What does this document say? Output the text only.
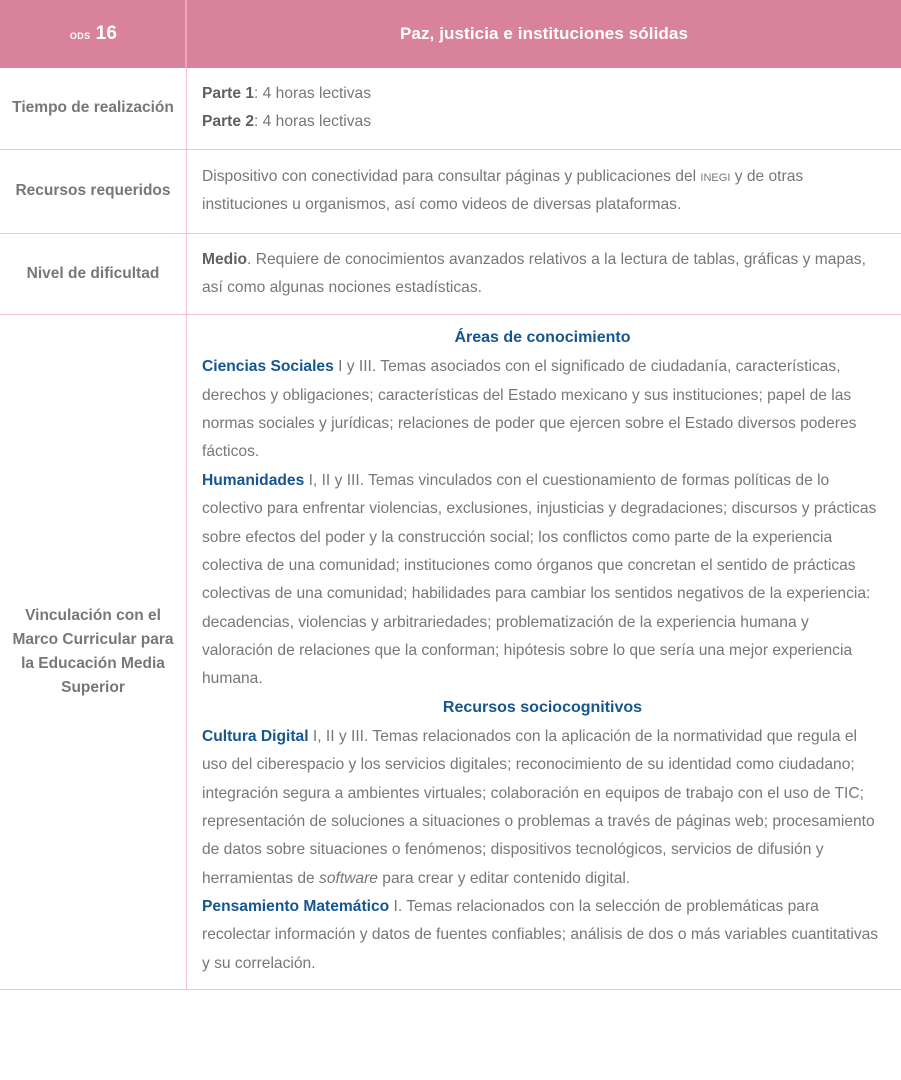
ods 16	Paz, justicia e instituciones sólidas
Tiempo de realización

Parte 1: 4 horas lectivas

Parte 2: 4 horas lectivas

Recursos requeridos

Dispositivo con conectividad para consultar páginas y publicaciones del inegi y de otras instituciones u organismos, así como videos de diversas plataformas.

Nivel de dificultad

Medio. Requiere de conocimientos avanzados relativos a la lectura de tablas, gráficas y mapas, así como algunas nociones estadísticas.

Vinculación con el Marco Curricular para la Educación Media Superior

Áreas de conocimiento

Ciencias Sociales I y III. Temas asociados con el significado de ciudadanía, características, derechos y obligaciones; características del Estado mexicano y sus instituciones; papel de las normas sociales y jurídicas; relaciones de poder que ejercen sobre el Estado diversos poderes fácticos.

Humanidades I, II y III. Temas vinculados con el cuestionamiento de formas políticas de lo colectivo para enfrentar violencias, exclusiones, injusticias y degradaciones; discursos y prácticas sobre efectos del poder y la construcción social; los conflictos como parte de la experiencia colectiva de una comunidad; instituciones como órganos que concretan el sentido de prácticas colectivas de una comunidad; habilidades para cambiar los sentidos negativos de la experiencia: decadencias, violencias y arbitrariedades; problematización de la experiencia humana y valoración de relaciones que la conforman; hipótesis sobre lo que sería una mejor experiencia humana.

Recursos sociocognitivos

Cultura Digital I, II y III. Temas relacionados con la aplicación de la normatividad que regula el uso del ciberespacio y los servicios digitales; reconocimiento de su identidad como ciudadano; integración segura a ambientes virtuales; colaboración en equipos de trabajo con el uso de TIC; representación de soluciones a situaciones o problemas a través de páginas web; procesamiento de datos sobre situaciones o fenómenos; dispositivos tecnológicos, servicios de difusión y herramientas de software para crear y editar contenido digital.

Pensamiento Matemático I. Temas relacionados con la selección de problemáticas para recolectar información y datos de fuentes confiables; análisis de dos o más variables cuantitativas y su correlación.
